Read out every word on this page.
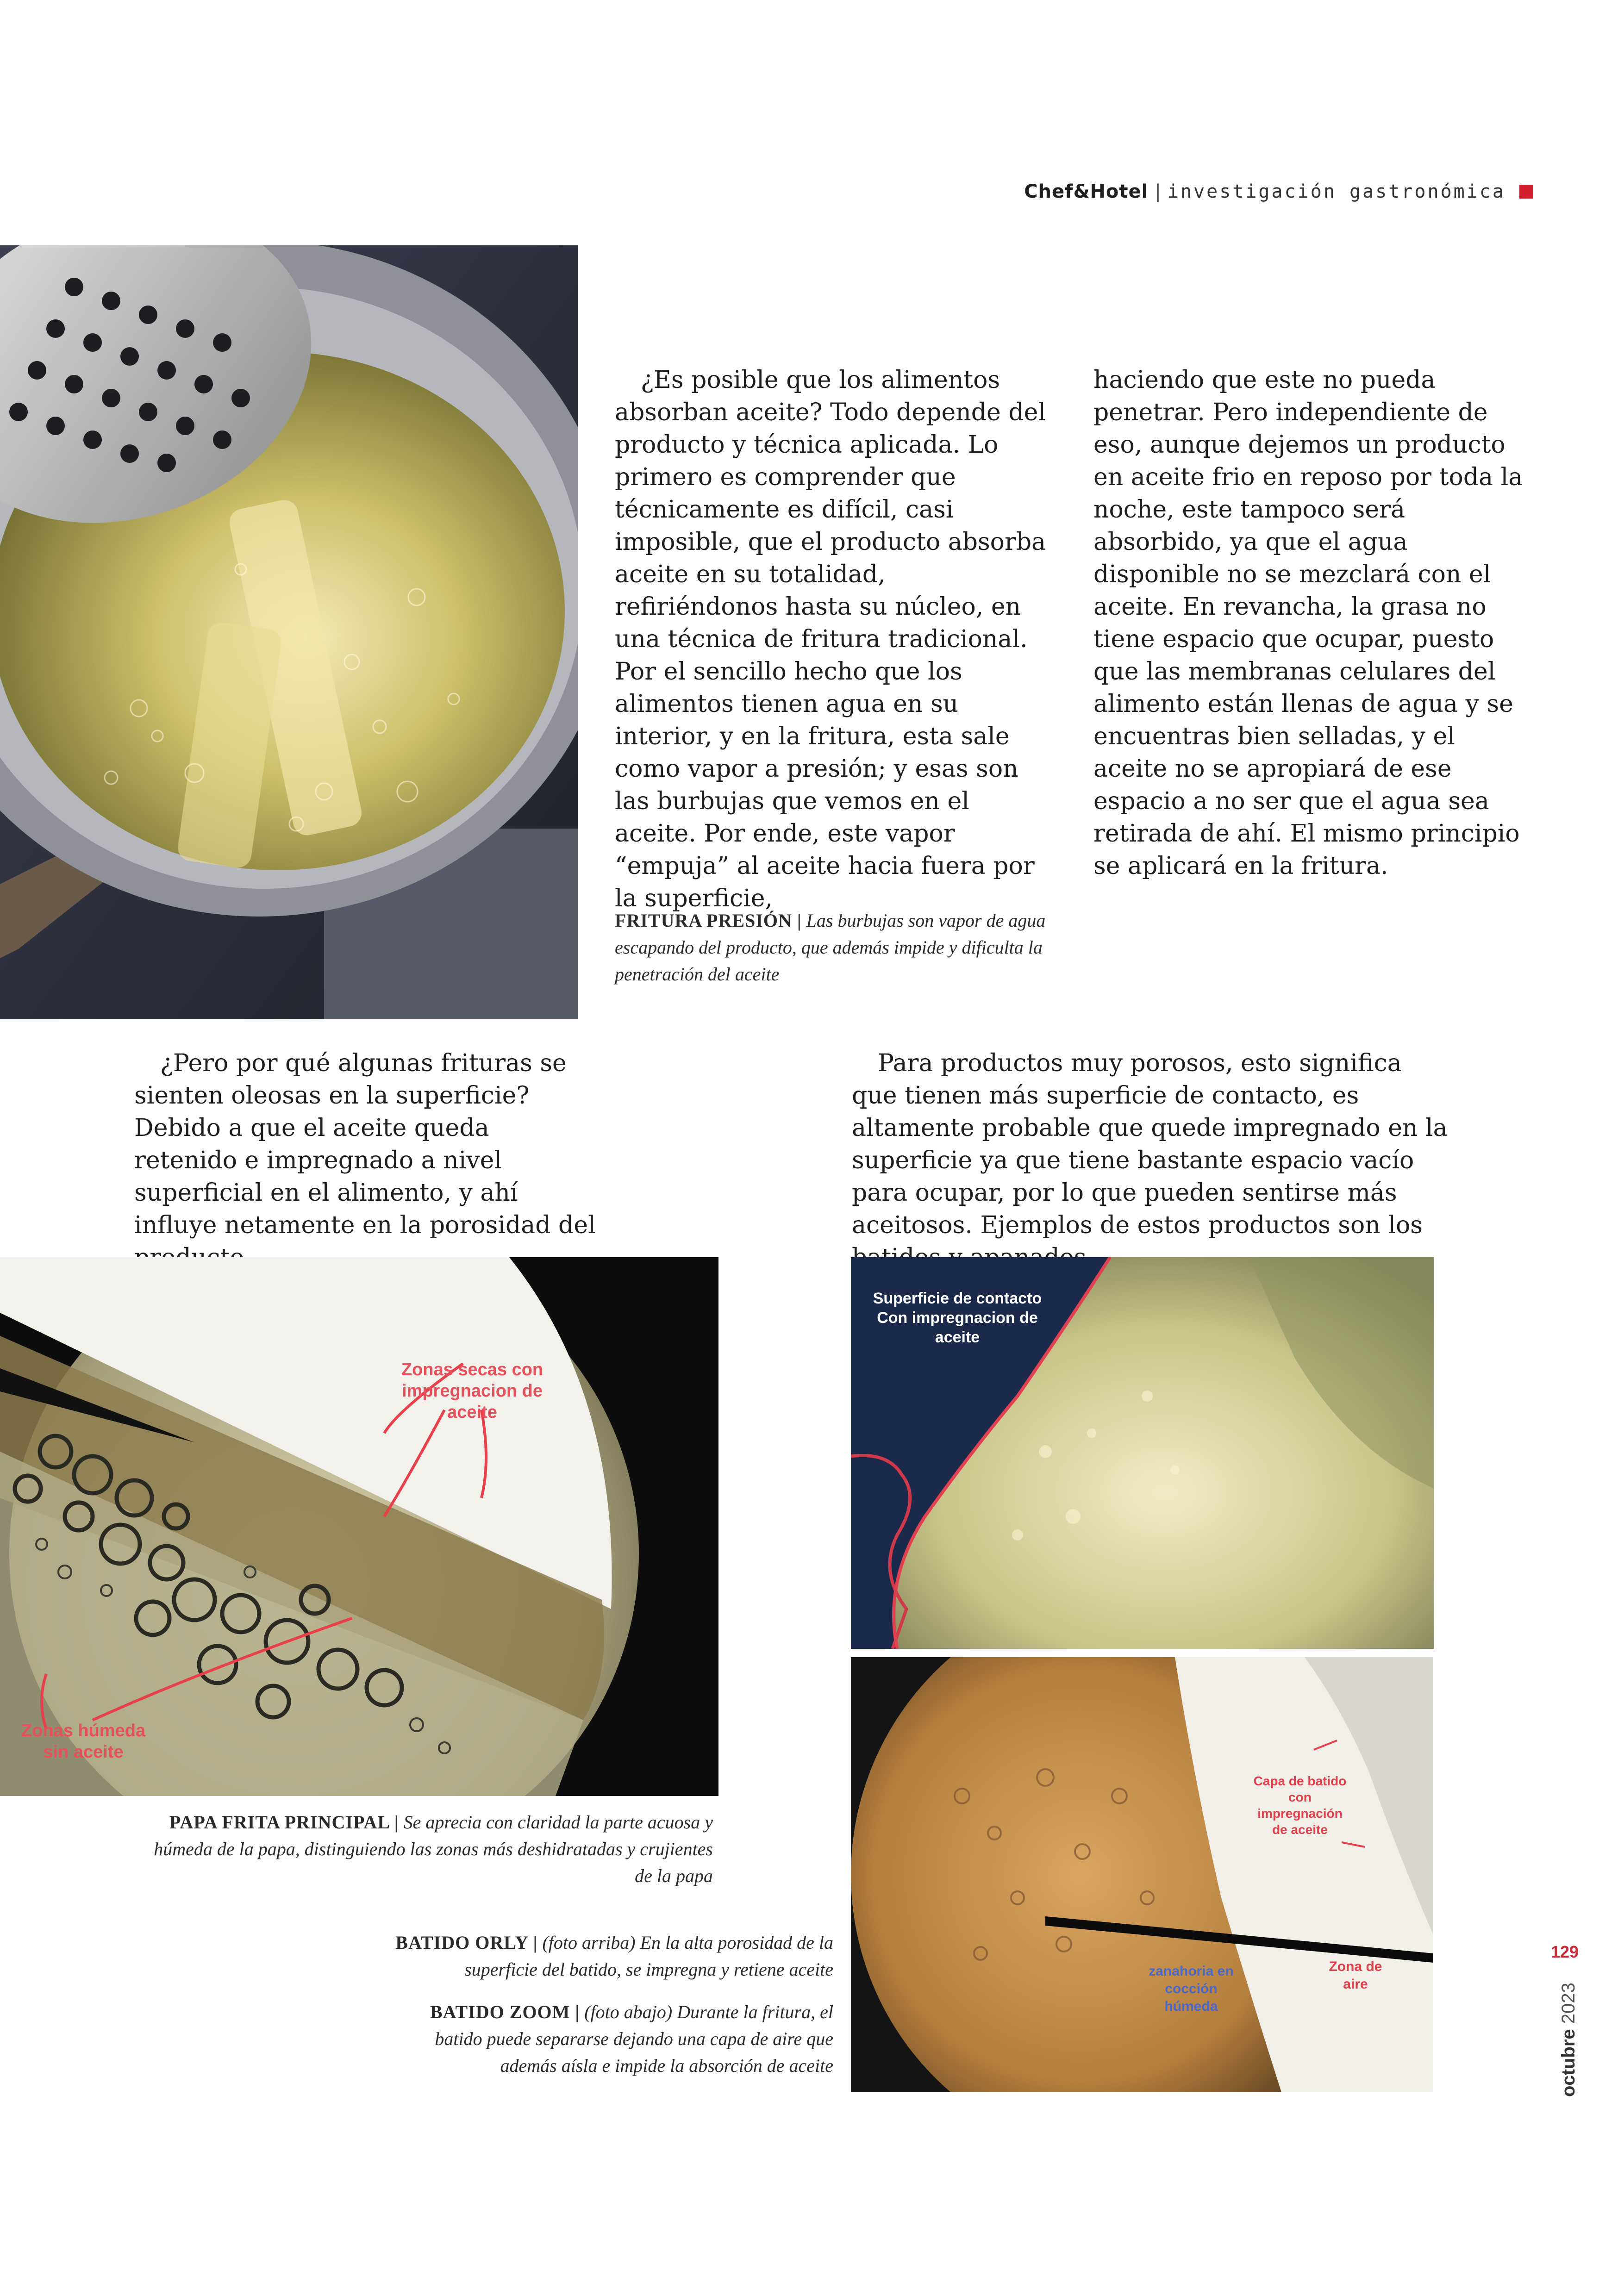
Chef&Hotel | investigación gastronómica

¿Es posible que los alimentos absorban aceite? Todo depende del producto y técnica aplicada. Lo primero es comprender que técnicamente es difícil, casi imposible, que el producto absorba aceite en su totalidad, refiriéndonos hasta su núcleo, en una técnica de fritura tradicional. Por el sencillo hecho que los alimentos tienen agua en su interior, y en la fritura, esta sale como vapor a presión; y esas son las burbujas que vemos en el aceite. Por ende, este vapor “empuja” al aceite hacia fuera por la superficie,

haciendo que este no pueda penetrar. Pero independiente de eso, aunque dejemos un producto en aceite frio en reposo por toda la noche, este tampoco será absorbido, ya que el agua disponible no se mezclará con el aceite. En revancha, la grasa no tiene espacio que ocupar, puesto que las membranas celulares del alimento están llenas de agua y se encuentras bien selladas, y el aceite no se apropiará de ese espacio a no ser que el agua sea retirada de ahí. El mismo principio se aplicará en la fritura.

FRITURA PRESIÓN | Las burbujas son vapor de agua escapando del producto, que además impide y dificulta la penetración del aceite

¿Pero por qué algunas frituras se sienten oleosas en la superficie? Debido a que el aceite queda retenido e impregnado a nivel superficial en el alimento, y ahí influye netamente en la porosidad del

Para productos muy porosos, esto significa que tienen más superficie de contacto, es altamente probable que quede impregnado en la superficie ya que tiene bastante espacio vacío para ocupar, por lo que pueden sentirse más aceitosos. Ejemplos de estos productos son los

Zonas secas con impregnacion de aceite
Zonas húmeda sin aceite
PAPA FRITA PRINCIPAL | Se aprecia con claridad la parte acuosa y húmeda de la papa, distinguiendo las zonas más deshidratadas y crujientes de la papa
Superficie de contacto Con impregnacion de aceite
Capa de batido con impregnación de aceite
zanahoria en cocción húmeda
Zona de aire
BATIDO ORLY | (foto arriba) En la alta porosidad de la superficie del batido, se impregna y retiene aceite
BATIDO ZOOM | (foto abajo) Durante la fritura, el batido puede separarse dejando una capa de aire que además aísla e impide la absorción de aceite
129
octubre 2023
